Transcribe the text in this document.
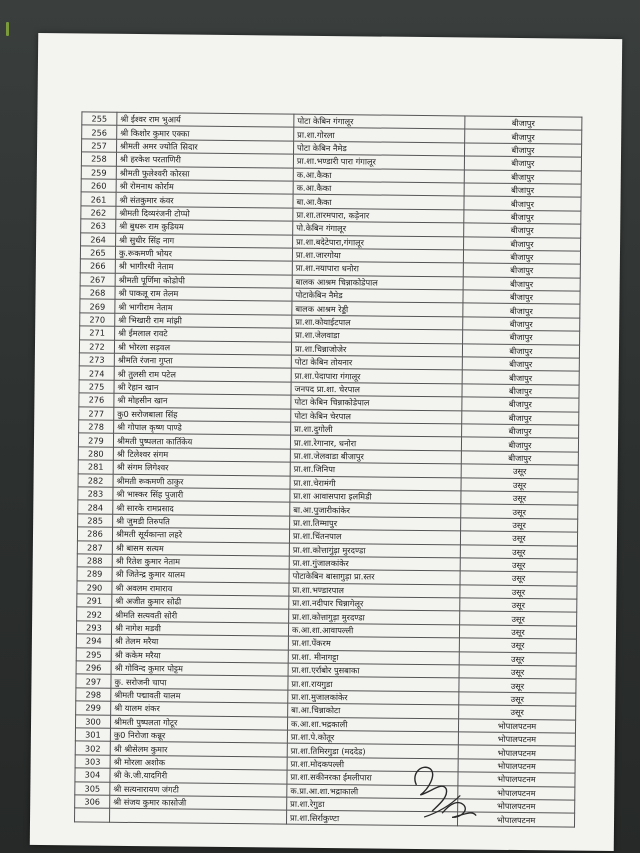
255	श्री ईश्वर राम भुआर्य	पोटा केबिन गंगालूर	बीजापुर
256	श्री किशोर कुमार एक्का	प्रा.शा.गोरला	बीजापुर
257	श्रीमती अमर ज्योति सिदार	पोटा केबिन नैमेड	बीजापुर
258	श्री हरकेश परताणिरी	प्रा.शा.भण्डारी पारा गंगालूर	बीजापुर
259	श्रीमती फुलेश्वरी कोरसा	क.आ.कैका	बीजापुर
260	श्री रोमनाथ कोर्राम	क.आ.कैका	बीजापुर
261	श्री संतकुमार कंवर	बा.आ.कैका	बीजापुर
262	श्रीमती दिव्यरंजनी टोप्पो	प्रा.शा.तारमपारा, कड़ेनार	बीजापुर
263	श्री बुधरू राम कुडियम	पो.केबिन गंगालूर	बीजापुर
264	श्री सुधीर सिंह नाग	प्रा.शा.बदेटेपारा,गंगालूर	बीजापुर
265	कु.रूकमणी भोयर	प्रा.शा.जारगोया	बीजापुर
266	श्री भागीरथी नेताम	प्रा.शा.नयापारा धनोरा	बीजापुर
267	श्रीमती पूर्णिमा कोडोपी	बालक आश्रम चिन्नाकोडेपाल	बीजापुर
268	श्री पाकलू राम तेलम	पोटाकेबिन नैमेड	बीजापुर
269	श्री भागीराम नेताम	बालक आश्रम रेड्डी	बीजापुर
270	श्री भिखारी राम मांझी	प्रा.शा.कोयाईटपाल	बीजापुर
271	श्री ईमलाल रावटे	प्रा.शा.जेलवाडा	बीजापुर
272	श्री भोरला सड़वल	प्रा.शा.चिन्नाजोजेर	बीजापुर
273	श्रीमति रंजना गुप्ता	पोटा केबिन तोयनार	बीजापुर
274	श्री तुलसी राम पटेल	प्रा.शा.पेदापारा गंगालूर	बीजापुर
275	श्री रेहान खान	जनपद प्रा.शा. चेरपाल	बीजापुर
276	श्री मोहसीन खान	पोटा केबिन चिन्नाकोडेपाल	बीजापुर
277	कु0 सरोजबाला सिंह	पोटा केबिन चेरपाल	बीजापुर
278	श्री गोपाल कृष्ण पाण्डे	प्रा.शा.दुगोली	बीजापुर
279	श्रीमती पुष्पलता कार्तिकेय	प्रा.शा.रेगानार, धनोरा	बीजापुर
280	श्री टिलेश्वर संगम	प्रा.शा.जेलवाडा बीजापुर	बीजापुर
281	श्री संगम लिगेश्वर	प्रा.शा.जिनिपा	उसूर
282	श्रीमती रूकमणी ठाकुर	प्रा.शा.चेरामंगी	उसूर
283	श्री भास्कर सिंह पुजारी	प्रा.शा आवासपारा इलमिडी	उसूर
284	श्री सारके रामप्रसाद	बा.आ.पुजारीकांकेर	उसूर
285	श्री जुमडी तिरुपति	प्रा.शा.तिम्मापुर	उसूर
286	श्रीमती सूर्यकान्ता लहरे	प्रा.शा.चिंतनपाल	उसूर
287	श्री बासम सत्यम	प्रा.शा.कोत्तागुंड़ा मुरदण्डा	उसूर
288	श्री रितेश कुमार नेताम	प्रा.शा.गुंजालकांकेर	उसूर
289	श्री जितेन्द्र कुमार यालम	पोटाकेबिन बासागुड़ा प्रा.स्तर	उसूर
290	श्री अवलम रामाराव	प्रा.शा.भण्डारपाल	उसूर
291	श्री अजीत कुमार सोढी	प्रा.शा.नदीपार चिन्नागेलूर	उसूर
292	श्रीमति सत्यवती सोरी	प्रा.शा.कोत्तागुड़ा मुरदण्डा	उसूर
293	श्री नागेश मडवी	क.आ.शा.आवापल्ली	उसूर
294	श्री तेलम मरैया	प्रा.शा.पेंकरम	उसूर
295	श्री ककेम मरैया	प्रा.शा. मीनागट्टा	उसूर
296	श्री गोविन्द कुमार पोट्टम	प्रा.शा.एर्राबोर पुसबाका	उसूर
297	कु. सरोजनी चापा	प्रा.शा.रायगुडा	उसूर
298	श्रीमती पद्मावती यालम	प्रा.शा.मुजालकांकेर	उसूर
299	श्री यालम शंकर	बा.आ.चिन्नाकोटा	उसूर
300	श्रीमती पुष्पलता गोटूर	क.आ.शा.भद्रकाली	भोपालपटनम
301	कु0 निरोजा कन्नूर	प्रा.शा.पे.कोतूर	भोपालपटनम
302	श्री श्रीसेलम कुमार	प्रा.शा.तिमिरगुडा (मददेड)	भोपालपटनम
303	श्री मोरला अशोक	प्रा.शा.मोदकपल्ली	भोपालपटनम
304	श्री के.जी.यादगिरी	प्रा.शा.सकीनरका ईमलीपारा	भोपालपटनम
305	श्री सत्यनारायण जंगटी	क.प्रा.आ.शा.भद्राकाली	भोपालपटनम
306	श्री संजय कुमार कासोजी	प्रा.शा.रेगुडा	भोपालपटनम
		प्रा.शा.सिर्राकुण्टा	भोपालपटनम
